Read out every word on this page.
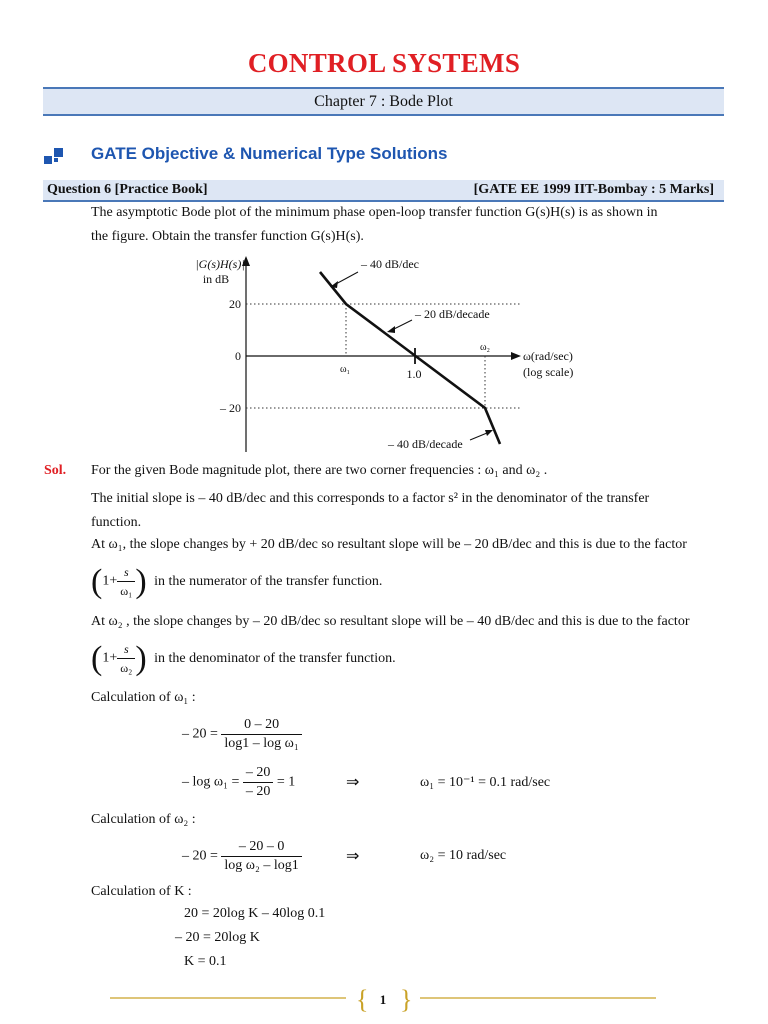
CONTROL SYSTEMS
Chapter 7 : Bode Plot
GATE Objective & Numerical Type Solutions
Question 6 [Practice Book]	[GATE EE 1999 IIT-Bombay : 5 Marks]
The asymptotic Bode plot of the minimum phase open-loop transfer function G(s)H(s) is as shown in
the figure. Obtain the transfer function G(s)H(s).
|G(s)H(s)|
in dB
20
0
– 20
ω₁	1.0
ω₂
ω(rad/sec)
(log scale)
– 40 dB/dec
– 20 dB/decade
– 40 dB/decade
Sol. For the given Bode magnitude plot, there are two corner frequencies : ω₁ and ω₂ .
The initial slope is – 40 dB/dec and this corresponds to a factor s² in the denominator of the transfer
function.
At ω₁, the slope changes by + 20 dB/dec so resultant slope will be – 20 dB/dec and this is due to the factor
($1+ \frac{s}{\text{ω₁}}$ ) in the numerator of the transfer function.
At ω₂ , the slope changes by – 20 dB/dec so resultant slope will be – 40 dB/dec and this is due to the factor
($1+ \frac{s}{\text{ω₂}}$ ) in the denominator of the transfer function.
Calculation of ω₁ :
– $20 = \frac{0 - 20}{\text{log1 – log ω₁}}$
– $\log \omega_1 = \frac{- 20}{- 20} = 1$	⇒	ω₁ = 10⁻¹ = 0.1 rad/sec
Calculation of ω₂ :
– $20 = \frac{- 20 - 0}{\text{log ω₂ – log1}}$	⇒	ω₂ = 10 rad/sec
Calculation of K :
20 = 20log K – 40log 0.1
– 20 = 20log K
K = 0.1
{ }
1
